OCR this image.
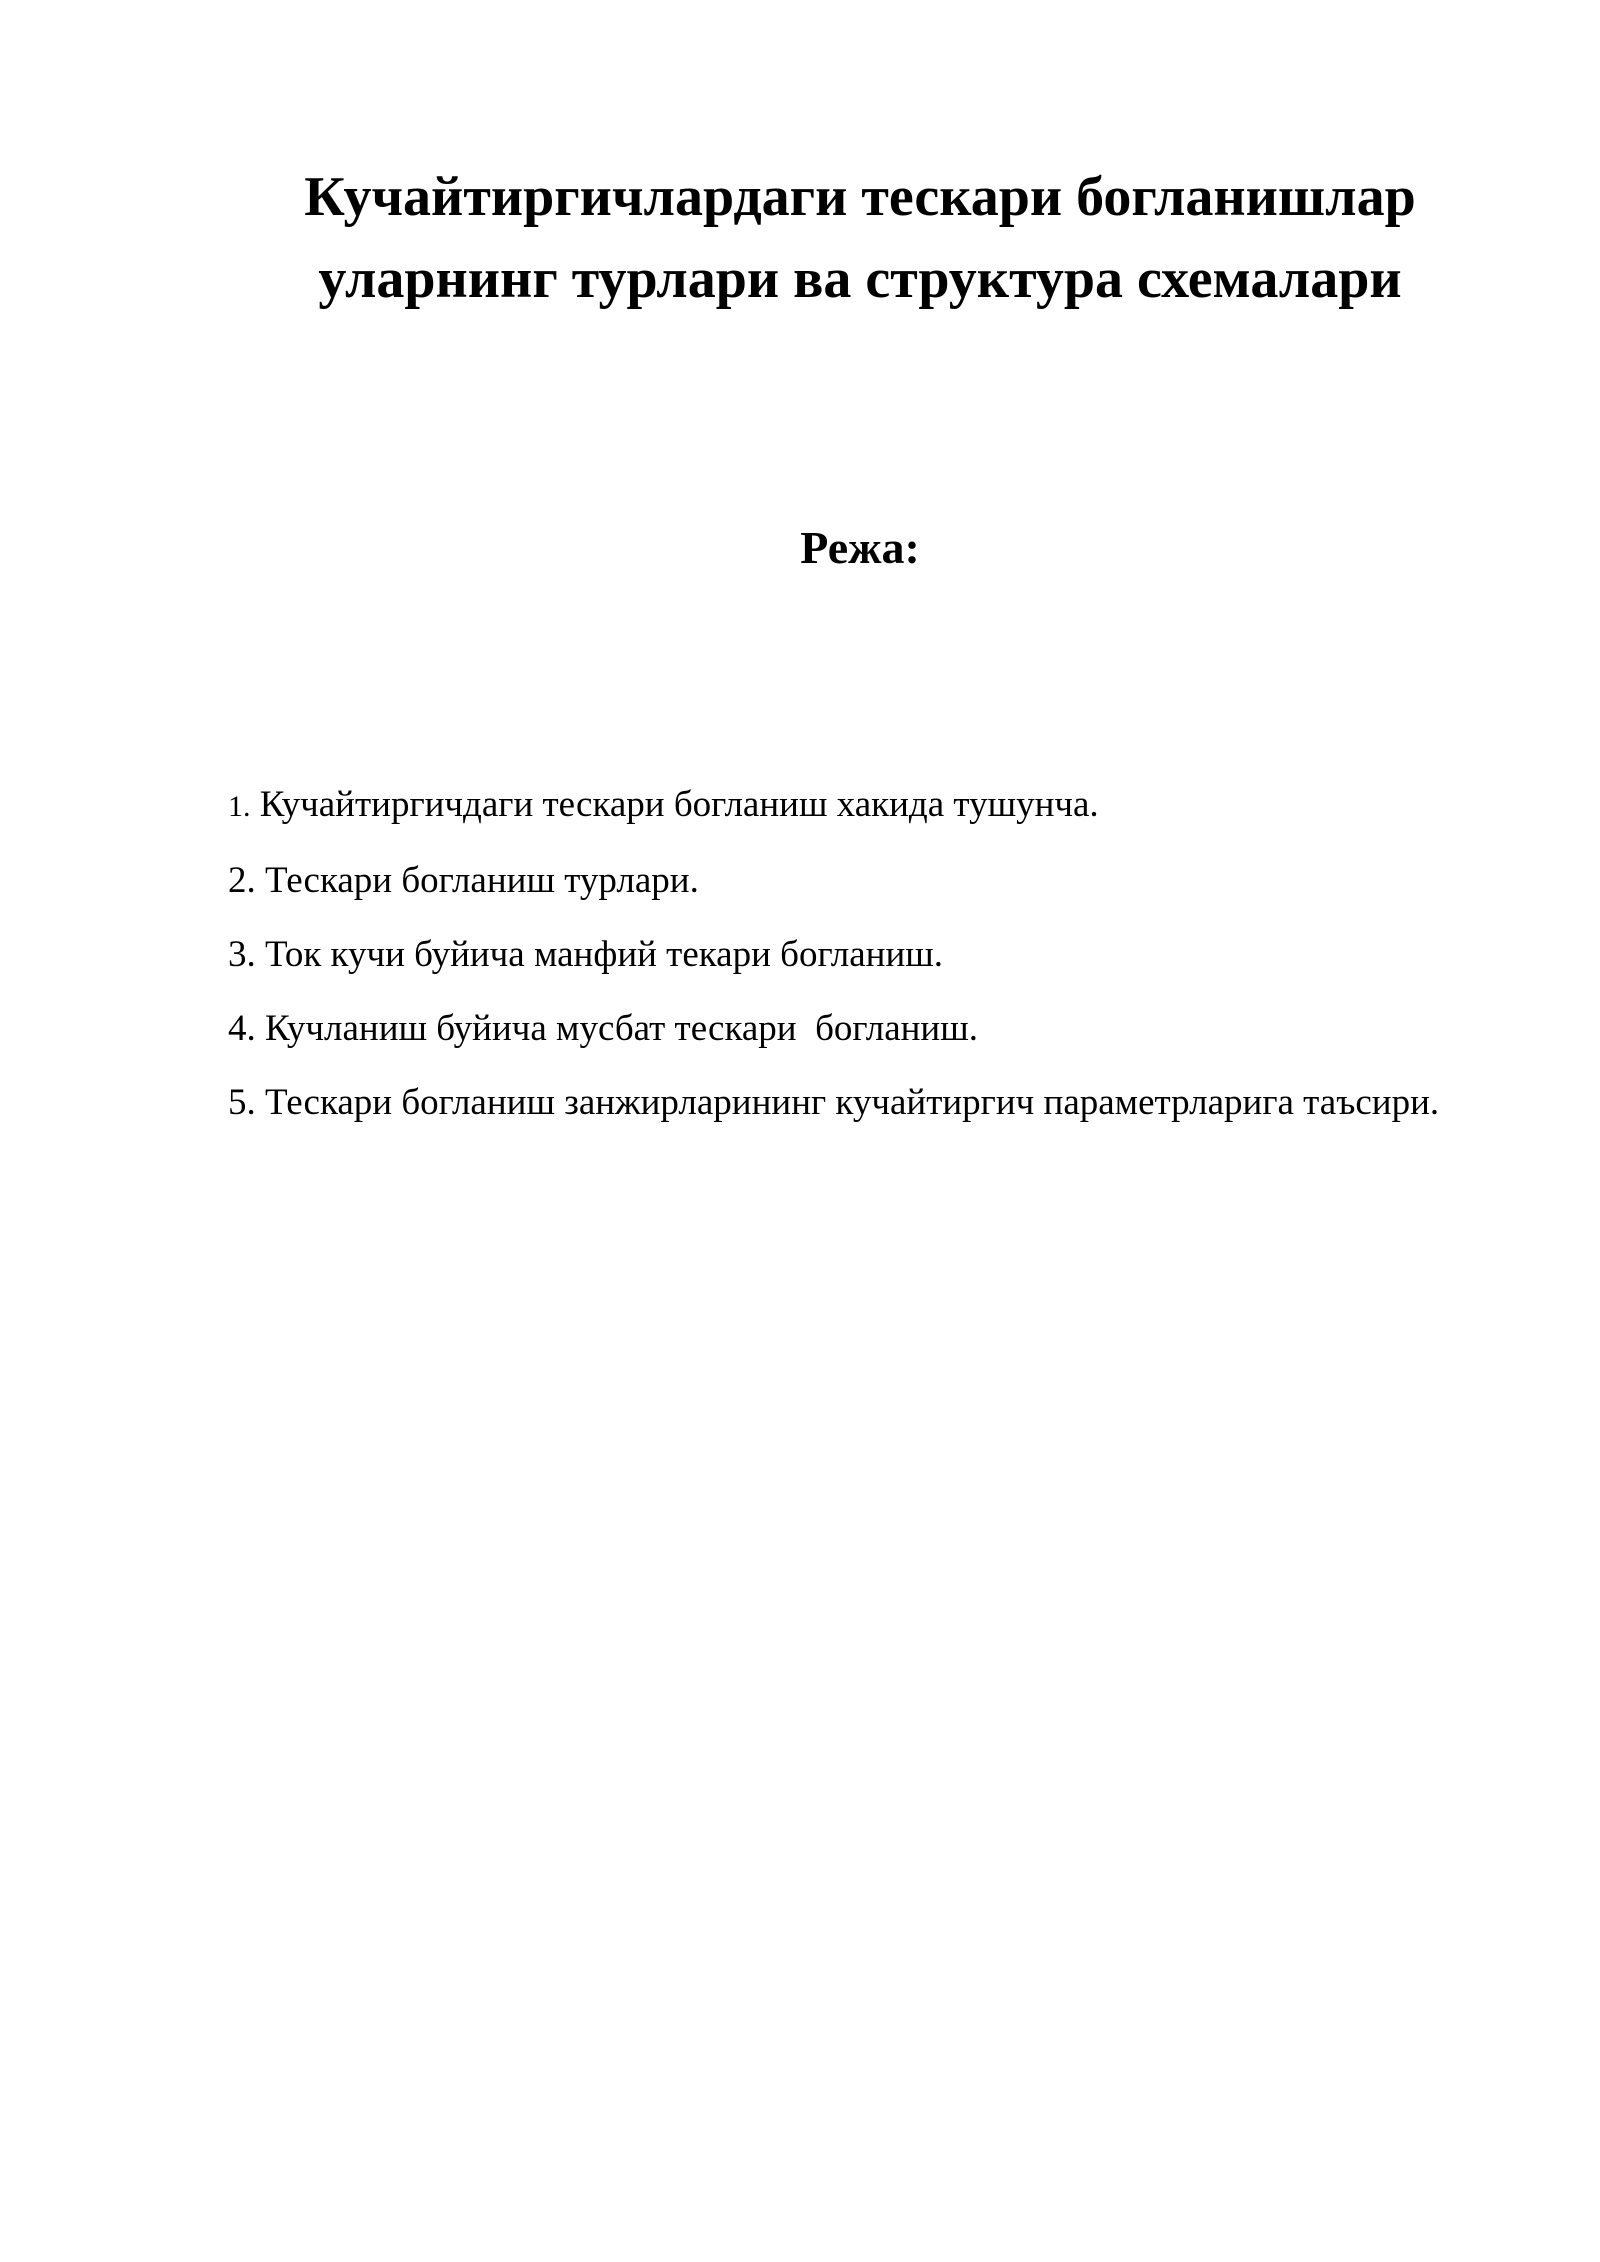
Кучайтиргичлардаги тескари богланишлар
уларнинг турлари ва структура схемалари
Режа:
1. Кучайтиргичдаги тескари богланиш хакида тушунча.
2. Тескари богланиш турлари.
3. Ток кучи буйича манфий текари богланиш.
4. Кучланиш буйича мусбат тескари  богланиш.
5. Тескари богланиш занжирларининг кучайтиргич параметрларига таъсири.
